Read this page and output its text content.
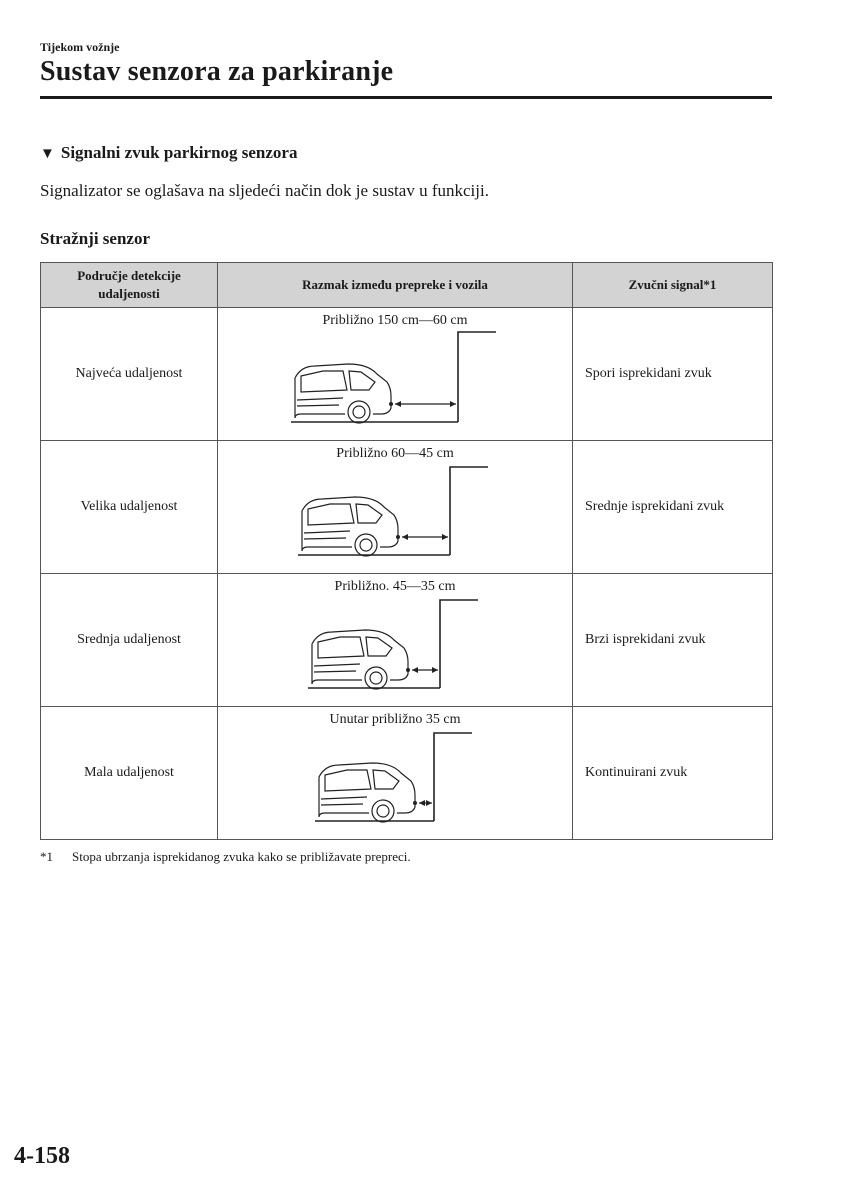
Tijekom vožnje
Sustav senzora za parkiranje
▼ Signalni zvuk parkirnog senzora
Signalizator se oglašava na sljedeći način dok je sustav u funkciji.
Stražnji senzor
Područje detekcije
udaljenosti	Razmak između prepreke i vozila	Zvučni signal*1
Najveća udaljenost	Približno 150 cm―60 cm	Spori isprekidani zvuk
Velika udaljenost	Približno 60―45 cm	Srednje isprekidani zvuk
Srednja udaljenost	Približno. 45―35 cm	Brzi isprekidani zvuk
Mala udaljenost	Unutar približno 35 cm	Kontinuirani zvuk
*1 Stopa ubrzanja isprekidanog zvuka kako se približavate prepreci.
4-158
